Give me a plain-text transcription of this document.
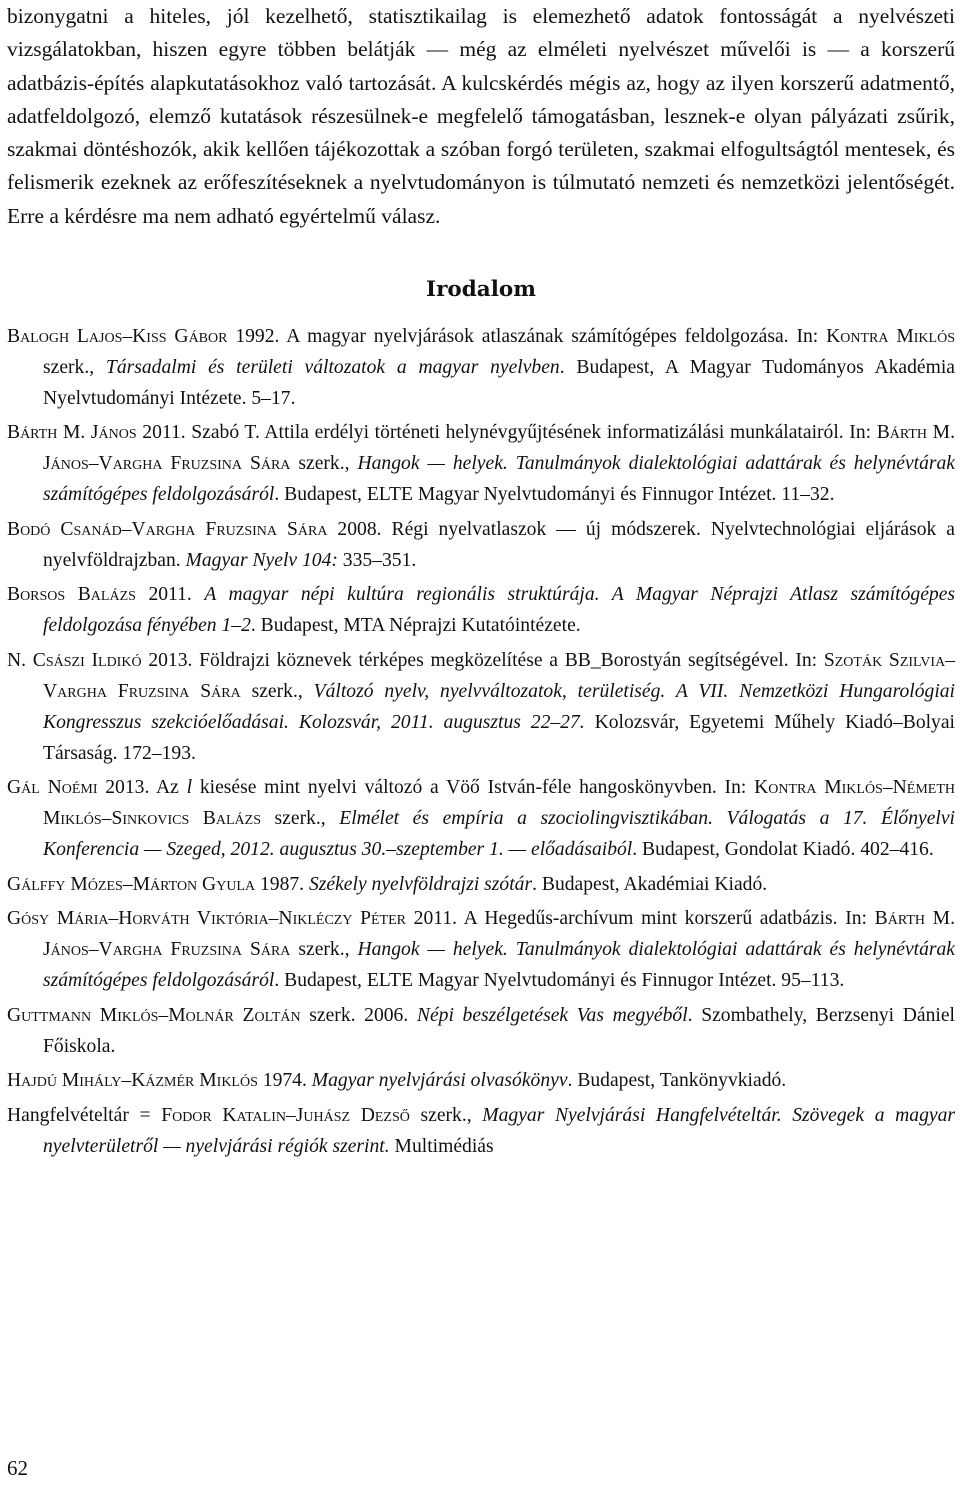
bizonygatni a hiteles, jól kezelhető, statisztikailag is elemezhető adatok fontosságát a nyelvészeti vizsgálatokban, hiszen egyre többen belátják — még az elméleti nyelvészet művelői is — a korszerű adatbázis-építés alapkutatásokhoz való tartozását. A kulcskérdés mégis az, hogy az ilyen korszerű adatmentő, adatfeldolgozó, elemző kutatások részesülnek-e megfelelő támogatásban, lesznek-e olyan pályázati zsűrik, szakmai döntéshozók, akik kellően tájékozottak a szóban forgó területen, szakmai elfogultságtól mentesek, és felismerik ezeknek az erőfeszítéseknek a nyelvtudományon is túlmutató nemzeti és nemzetközi jelentőségét. Erre a kérdésre ma nem adható egyértelmű válasz.

Irodalom

Balogh Lajos–Kiss Gábor 1992. A magyar nyelvjárások atlaszának számítógépes feldolgozása. In: Kontra Miklós szerk., Társadalmi és területi változatok a magyar nyelvben. Budapest, A Magyar Tudományos Akadémia Nyelvtudományi Intézete. 5–17.

Bárth M. János 2011. Szabó T. Attila erdélyi történeti helynévgyűjtésének informatizálási munkálatairól. In: Bárth M. János–Vargha Fruzsina Sára szerk., Hangok — helyek. Tanulmányok dialektológiai adattárak és helynévtárak számítógépes feldolgozásáról. Budapest, ELTE Magyar Nyelvtudományi és Finnugor Intézet. 11–32.

Bodó Csanád–Vargha Fruzsina Sára 2008. Régi nyelvatlaszok — új módszerek. Nyelvtechnológiai eljárások a nyelvföldrajzban. Magyar Nyelv 104: 335–351.

Borsos Balázs 2011. A magyar népi kultúra regionális struktúrája. A Magyar Néprajzi Atlasz számítógépes feldolgozása fényében 1–2. Budapest, MTA Néprajzi Kutatóintézete.

N. Császi Ildikó 2013. Földrajzi köznevek térképes megközelítése a BB_Borostyán segítségével. In: Szoták Szilvia–Vargha Fruzsina Sára szerk., Változó nyelv, nyelvváltozatok, területiség. A VII. Nemzetközi Hungarológiai Kongresszus szekcióelőadásai. Kolozsvár, 2011. augusztus 22–27. Kolozsvár, Egyetemi Műhely Kiadó–Bolyai Társaság. 172–193.

Gál Noémi 2013. Az l kiesése mint nyelvi változó a Vöő István-féle hangoskönyvben. In: Kontra Miklós–Németh Miklós–Sinkovics Balázs szerk., Elmélet és empíria a szociolingvisztikában. Válogatás a 17. Élőnyelvi Konferencia — Szeged, 2012. augusztus 30.–szeptember 1. — előadásaiból. Budapest, Gondolat Kiadó. 402–416.

Gálffy Mózes–Márton Gyula 1987. Székely nyelvföldrajzi szótár. Budapest, Akadémiai Kiadó.

Gósy Mária–Horváth Viktória–Nikléczy Péter 2011. A Hegedűs-archívum mint korszerű adatbázis. In: Bárth M. János–Vargha Fruzsina Sára szerk., Hangok — helyek. Tanulmányok dialektológiai adattárak és helynévtárak számítógépes feldolgozásáról. Budapest, ELTE Magyar Nyelvtudományi és Finnugor Intézet. 95–113.

Guttmann Miklós–Molnár Zoltán szerk. 2006. Népi beszélgetések Vas megyéből. Szombathely, Berzsenyi Dániel Főiskola.

Hajdú Mihály–Kázmér Miklós 1974. Magyar nyelvjárási olvasókönyv. Budapest, Tankönyvkiadó.

Hangfelvételtár = Fodor Katalin–Juhász Dezső szerk., Magyar Nyelvjárási Hangfelvételtár. Szövegek a magyar nyelvterületről — nyelvjárási régiók szerint. Multimédiás

62
